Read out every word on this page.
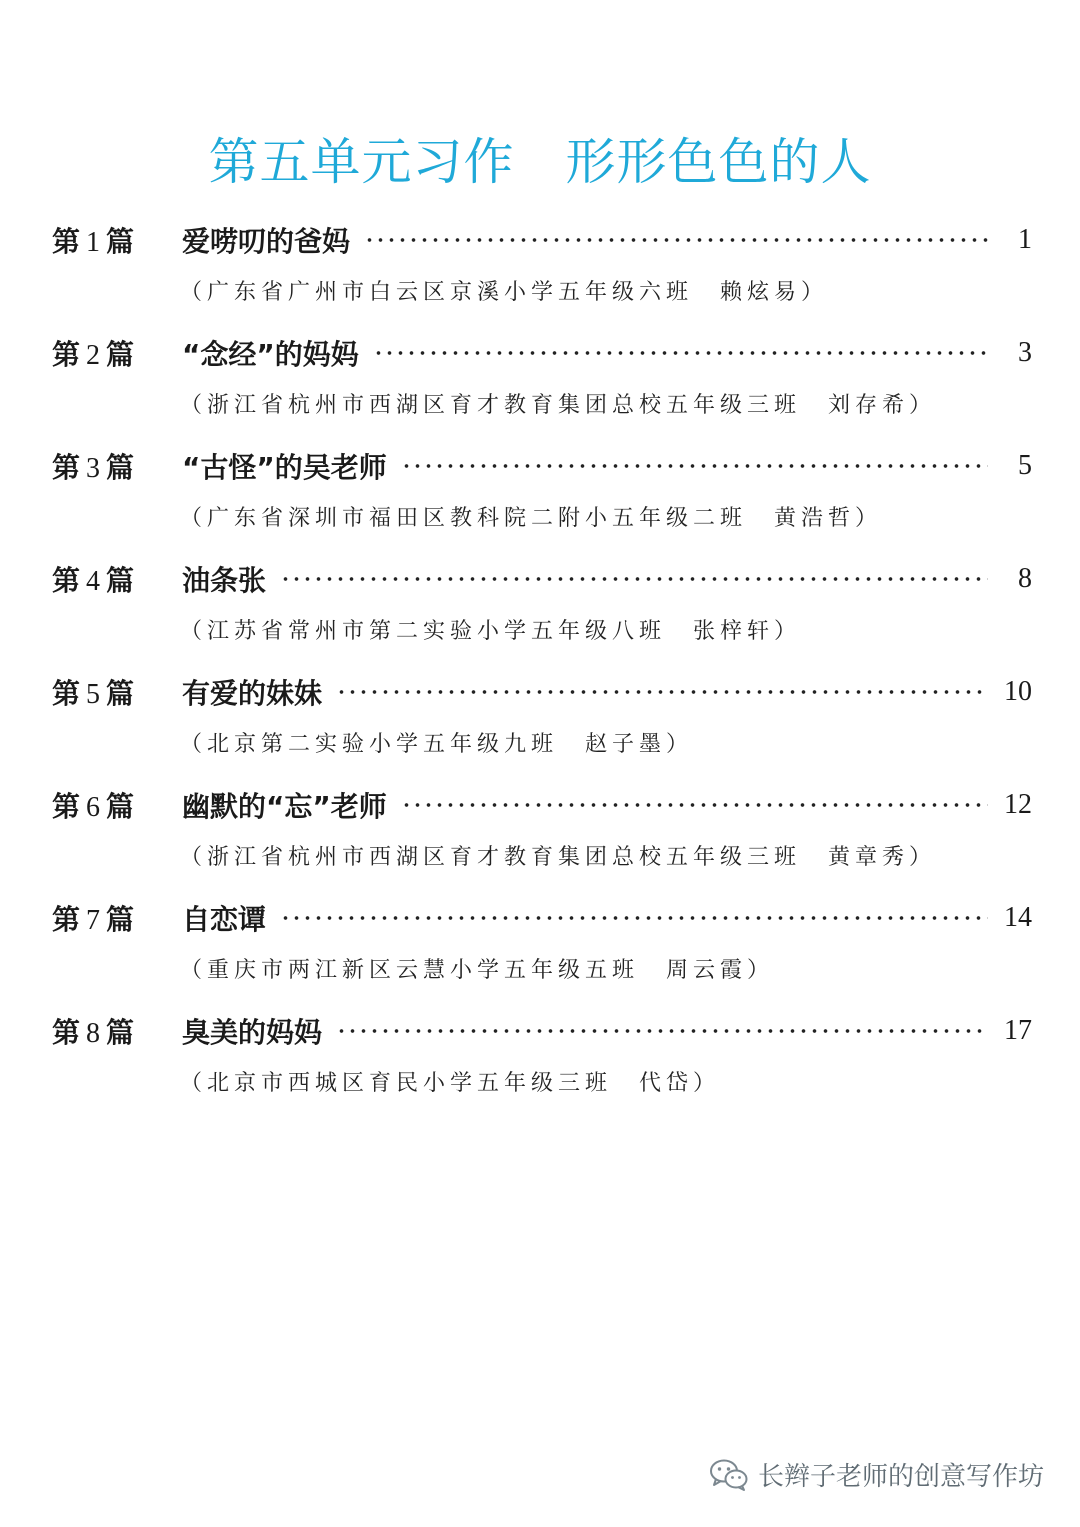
第五单元习作　形形色色的人
第 1 篇	爱唠叨的爸妈	1
（广东省广州市白云区京溪小学五年级六班　赖炫易）
第 2 篇	“念经”的妈妈	3
（浙江省杭州市西湖区育才教育集团总校五年级三班　刘存希）
第 3 篇	“古怪”的吴老师	5
（广东省深圳市福田区教科院二附小五年级二班　黄浩哲）
第 4 篇	油条张	8
（江苏省常州市第二实验小学五年级八班　张梓轩）
第 5 篇	有爱的妹妹	10
（北京第二实验小学五年级九班　赵子墨）
第 6 篇	幽默的“忘”老师	12
（浙江省杭州市西湖区育才教育集团总校五年级三班　黄章秀）
第 7 篇	自恋谭	14
（重庆市两江新区云慧小学五年级五班　周云霞）
第 8 篇	臭美的妈妈	17
（北京市西城区育民小学五年级三班　代岱）
长辫子老师的创意写作坊
